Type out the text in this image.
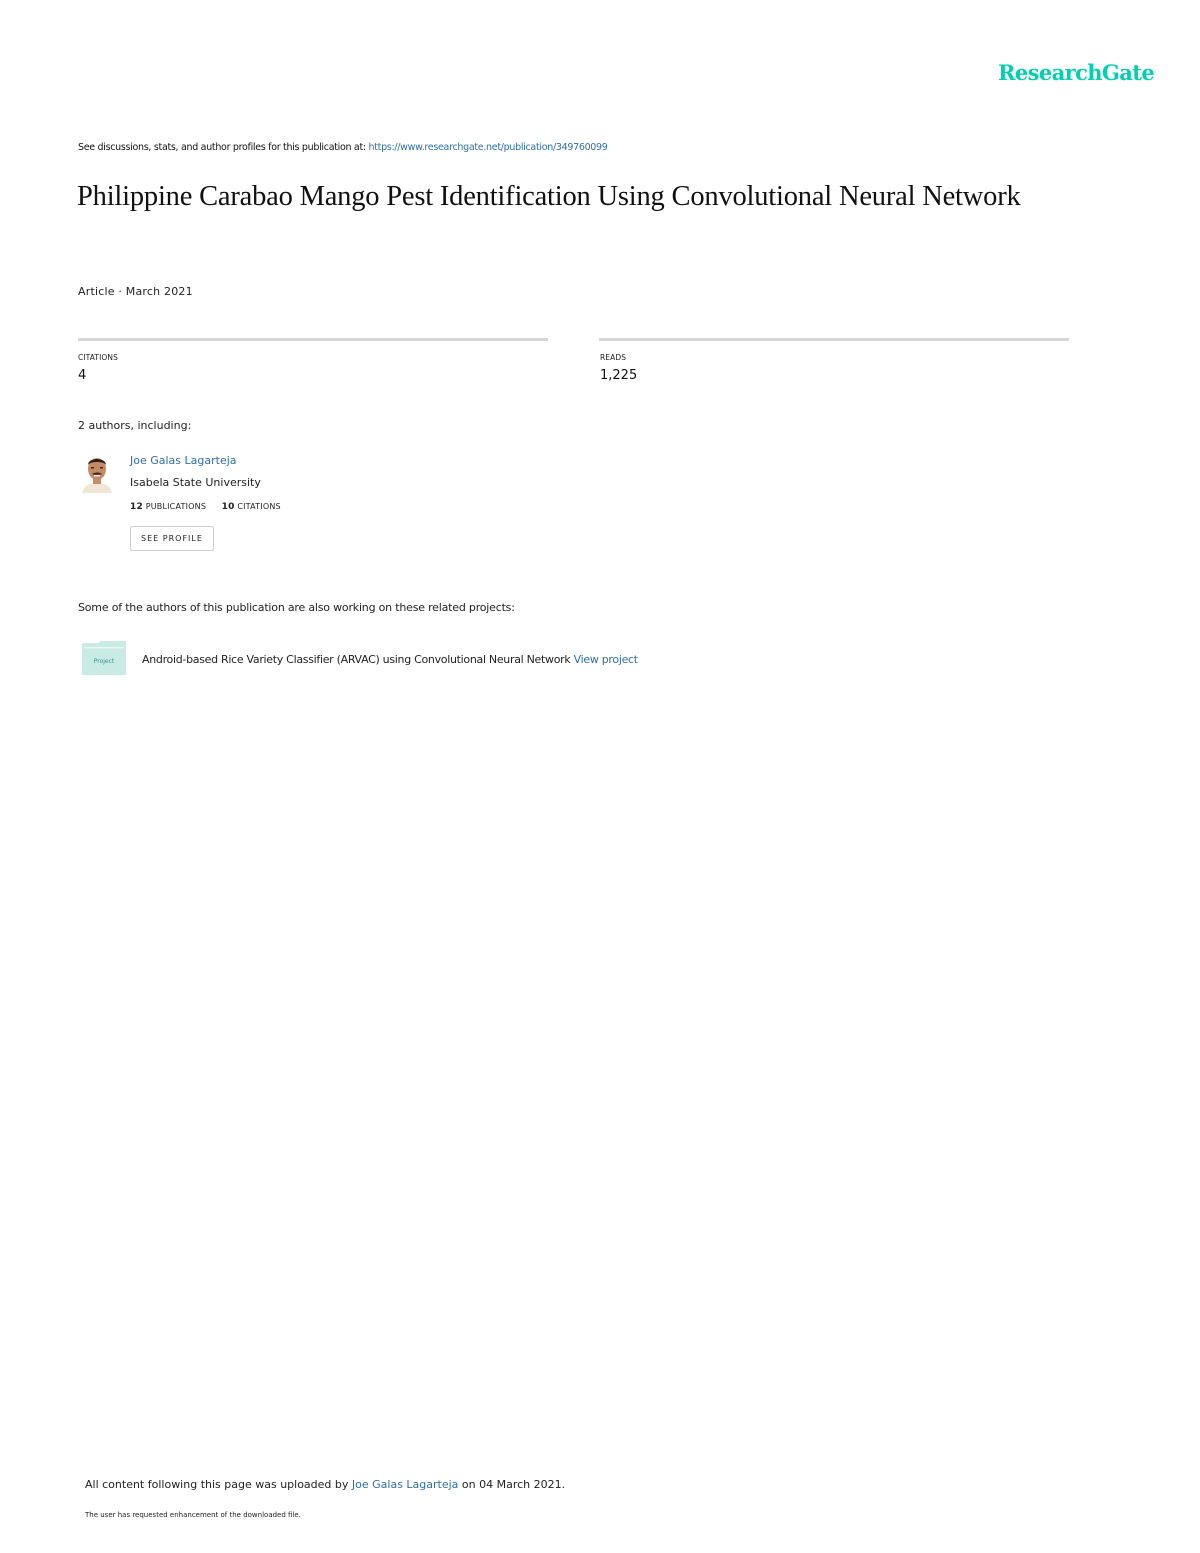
ResearchGate
See discussions, stats, and author profiles for this publication at: https://www.researchgate.net/publication/349760099
Philippine Carabao Mango Pest Identification Using Convolutional Neural Network
Article · March 2021
CITATIONS
4
READS
1,225
2 authors, including:
Joe Galas Lagarteja
Isabela State University
12 PUBLICATIONS 10 CITATIONS
SEE PROFILE
Some of the authors of this publication are also working on these related projects:
Project	Android-based Rice Variety Classifier (ARVAC) using Convolutional Neural Network View project
All content following this page was uploaded by Joe Galas Lagarteja on 04 March 2021.
The user has requested enhancement of the downloaded file.
